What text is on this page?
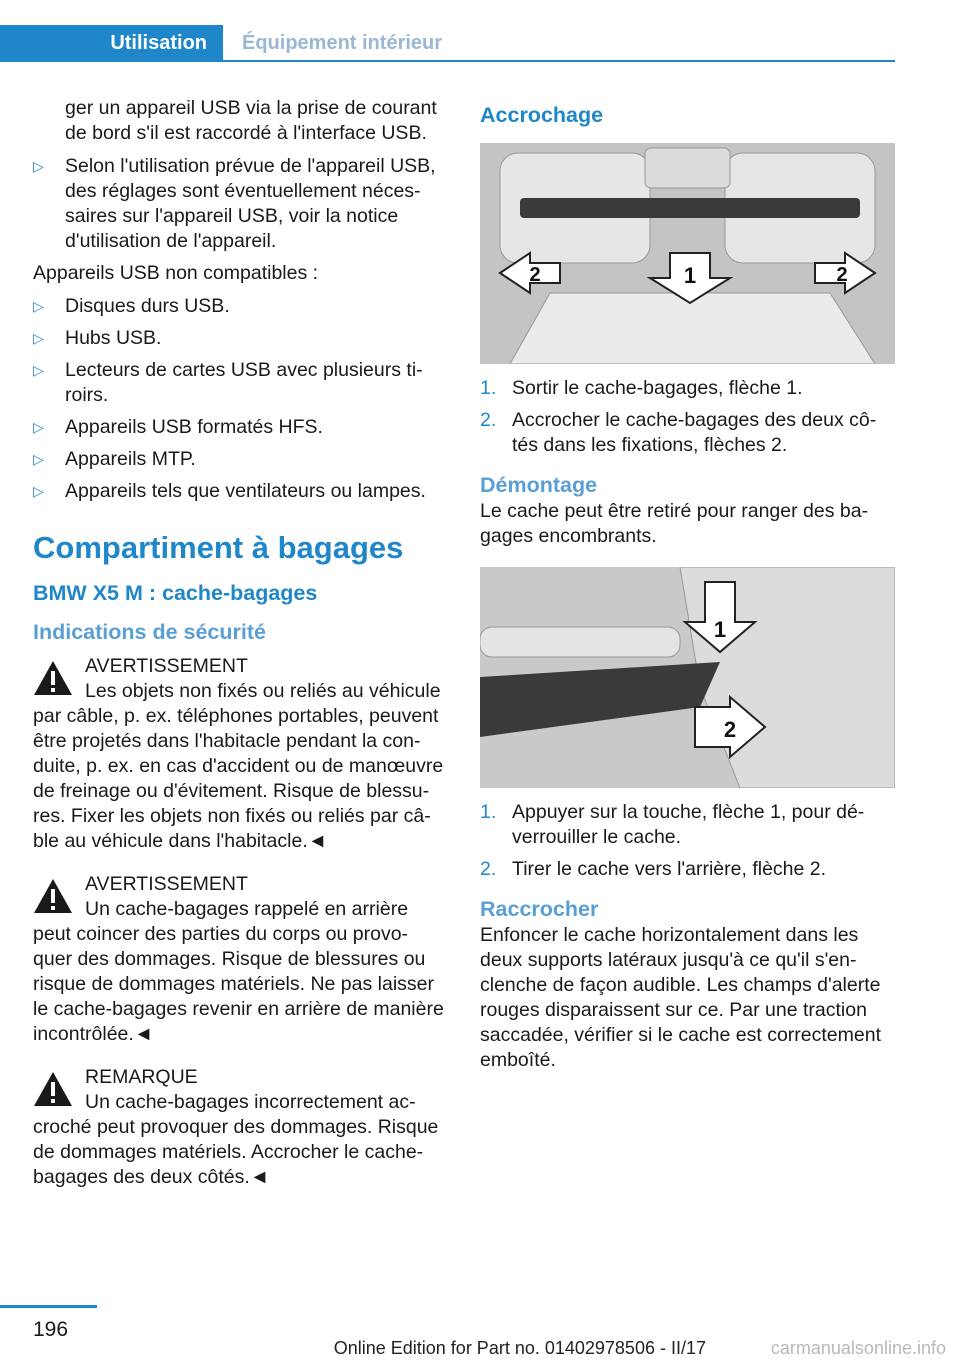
Utilisation	Équipement intérieur

ger un appareil USB via la prise de courant de bord s'il est raccordé à l'interface USB.

▷ Selon l'utilisation prévue de l'appareil USB, des réglages sont éventuellement néces‐ saires sur l'appareil USB, voir la notice d'utilisation de l'appareil.

Appareils USB non compatibles :

▷ Disques durs USB.
▷ Hubs USB.
▷ Lecteurs de cartes USB avec plusieurs ti‐ roirs.
▷ Appareils USB formatés HFS.
▷ Appareils MTP.
▷ Appareils tels que ventilateurs ou lampes.
Compartiment à bagages
BMW X5 M : cache-bagages
Indications de sécurité
AVERTISSEMENT
Les objets non fixés ou reliés au véhicule
par câble, p. ex. téléphones portables, peuvent être projetés dans l'habitacle pendant la con‐ duite, p. ex. en cas d'accident ou de manœuvre de freinage ou d'évitement. Risque de blessu‐ res. Fixer les objets non fixés ou reliés par câ‐ ble au véhicule dans l'habitacle.◄
AVERTISSEMENT
Un cache-bagages rappelé en arrière
peut coincer des parties du corps ou provo‐ quer des dommages. Risque de blessures ou risque de dommages matériels. Ne pas laisser le cache-bagages revenir en arrière de manière incontrôlée.◄
REMARQUE
Un cache-bagages incorrectement ac‐
croché peut provoquer des dommages. Risque de dommages matériels. Accrocher le cache- bagages des deux côtés.◄
Accrochage
1
2	2
1. Sortir le cache-bagages, flèche 1.
2. Accrocher le cache-bagages des deux cô‐ tés dans les fixations, flèches 2.
Démontage

Le cache peut être retiré pour ranger des ba‐ gages encombrants.

1
2
1. Appuyer sur la touche, flèche 1, pour dé‐ verrouiller le cache.
2. Tirer le cache vers l'arrière, flèche 2.
Raccrocher

Enfoncer le cache horizontalement dans les deux supports latéraux jusqu'à ce qu'il s'en‐ clenche de façon audible. Les champs d'alerte rouges disparaissent sur ce. Par une traction saccadée, vérifier si le cache est correctement emboîté.

196
Online Edition for Part no. 01402978506 - II/17	carmanualsonline.info
